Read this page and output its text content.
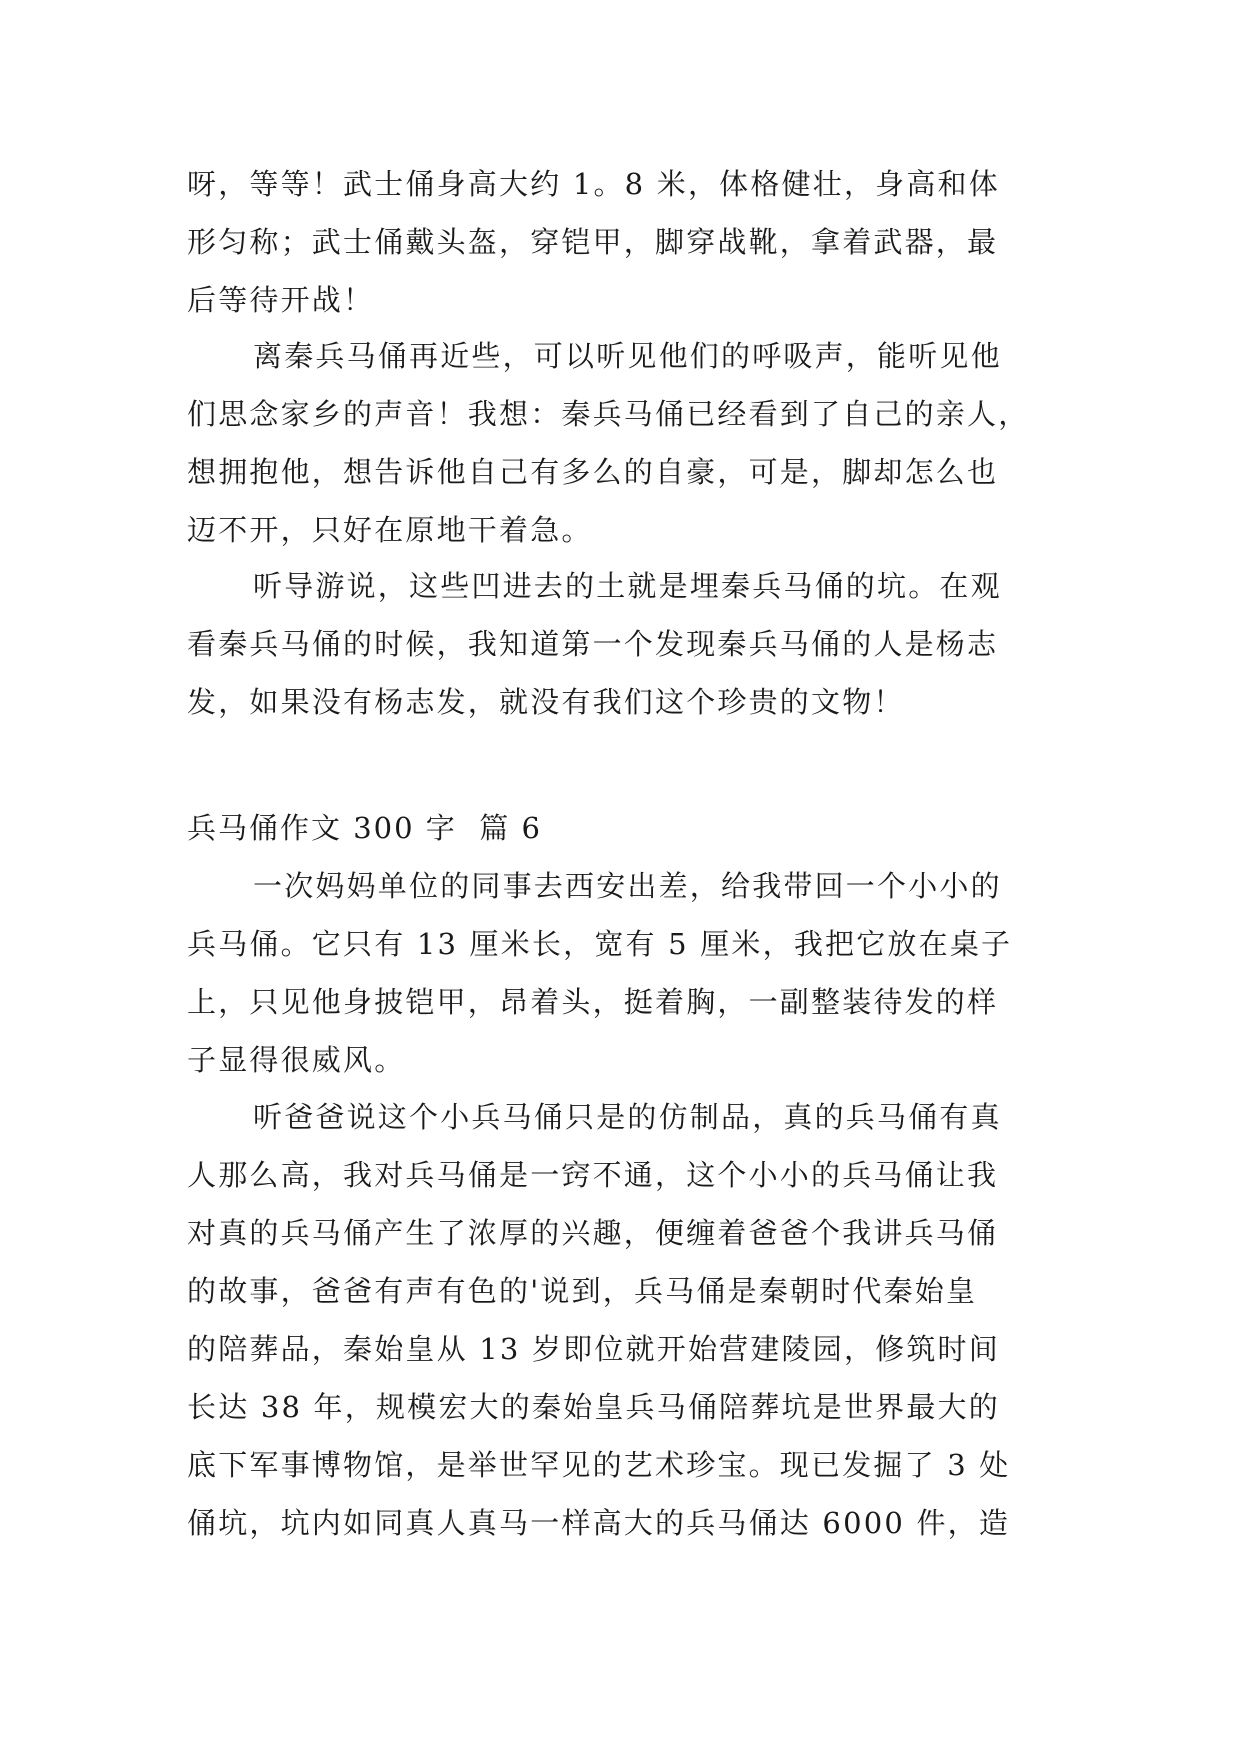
呀，等等！武士俑身高大约 1。8 米，体格健壮，身高和体
形匀称；武士俑戴头盔，穿铠甲，脚穿战靴，拿着武器，最
后等待开战！

离秦兵马俑再近些，可以听见他们的呼吸声，能听见他
们思念家乡的声音！我想：秦兵马俑已经看到了自己的亲人，
想拥抱他，想告诉他自己有多么的自豪，可是，脚却怎么也
迈不开，只好在原地干着急。

听导游说，这些凹进去的土就是埋秦兵马俑的坑。在观
看秦兵马俑的时候，我知道第一个发现秦兵马俑的人是杨志
发，如果没有杨志发，就没有我们这个珍贵的文物！

兵马俑作文 300 字  篇 6

一次妈妈单位的同事去西安出差，给我带回一个小小的
兵马俑。它只有 13 厘米长，宽有 5 厘米，我把它放在桌子
上，只见他身披铠甲，昂着头，挺着胸，一副整装待发的样
子显得很威风。

听爸爸说这个小兵马俑只是的仿制品，真的兵马俑有真
人那么高，我对兵马俑是一窍不通，这个小小的兵马俑让我
对真的兵马俑产生了浓厚的兴趣，便缠着爸爸个我讲兵马俑
的故事，爸爸有声有色的'说到，兵马俑是秦朝时代秦始皇
的陪葬品，秦始皇从 13 岁即位就开始营建陵园，修筑时间
长达 38 年，规模宏大的秦始皇兵马俑陪葬坑是世界最大的
底下军事博物馆，是举世罕见的艺术珍宝。现已发掘了 3 处
俑坑，坑内如同真人真马一样高大的兵马俑达 6000 件，造
